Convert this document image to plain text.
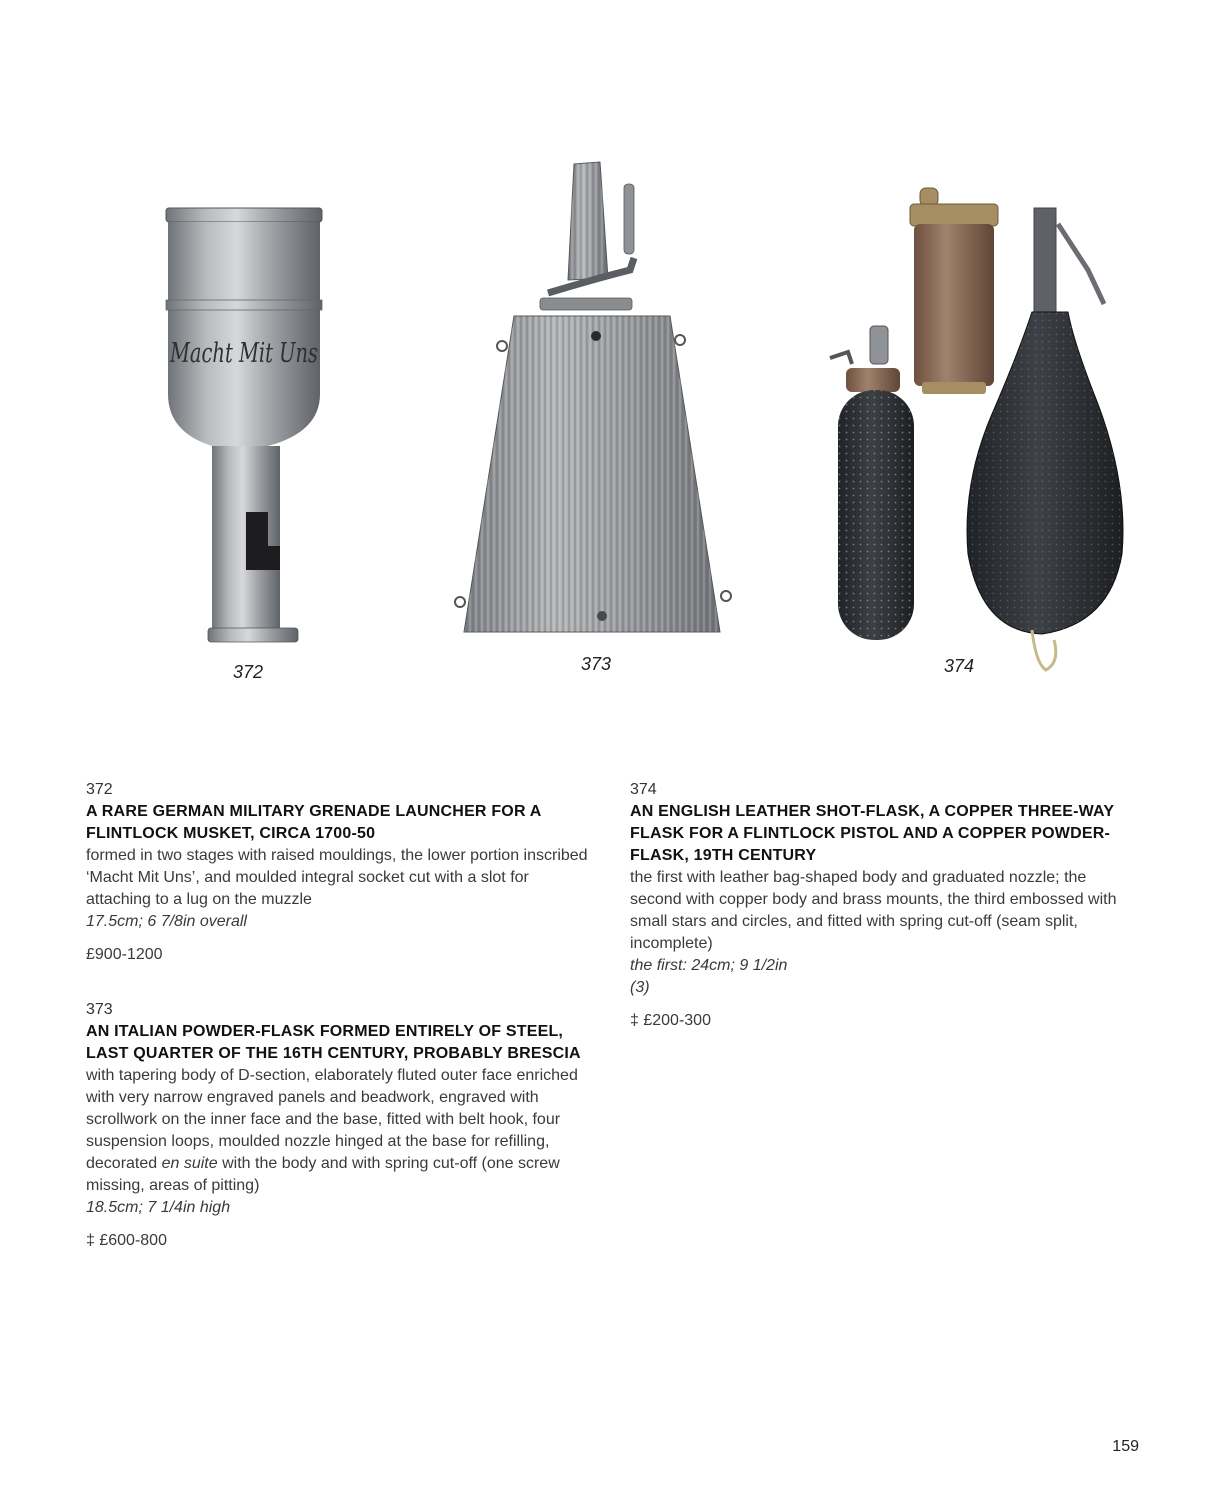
Macht Mit Uns
372	373	374
372
A RARE GERMAN MILITARY GRENADE LAUNCHER FOR A FLINTLOCK MUSKET, CIRCA 1700-50
formed in two stages with raised mouldings, the lower portion inscribed ‘Macht Mit Uns’, and moulded integral socket cut with a slot for attaching to a lug on the muzzle
17.5cm; 6 7/8in overall
£900-1200
373
AN ITALIAN POWDER-FLASK FORMED ENTIRELY OF STEEL, LAST QUARTER OF THE 16TH CENTURY, PROBABLY BRESCIA
with tapering body of D-section, elaborately fluted outer face enriched with very narrow engraved panels and beadwork, engraved with scrollwork on the inner face and the base, fitted with belt hook, four suspension loops, moulded nozzle hinged at the base for refilling, decorated en suite with the body and with spring cut-off (one screw missing, areas of pitting)
18.5cm; 7 1/4in high
‡ £600-800
374
AN ENGLISH LEATHER SHOT-FLASK, A COPPER THREE-WAY FLASK FOR A FLINTLOCK PISTOL AND A COPPER POWDER-FLASK, 19TH CENTURY
the first with leather bag-shaped body and graduated nozzle; the second with copper body and brass mounts, the third embossed with small stars and circles, and fitted with spring cut-off (seam split, incomplete)
the first: 24cm; 9 1/2in
(3)
‡ £200-300
159
